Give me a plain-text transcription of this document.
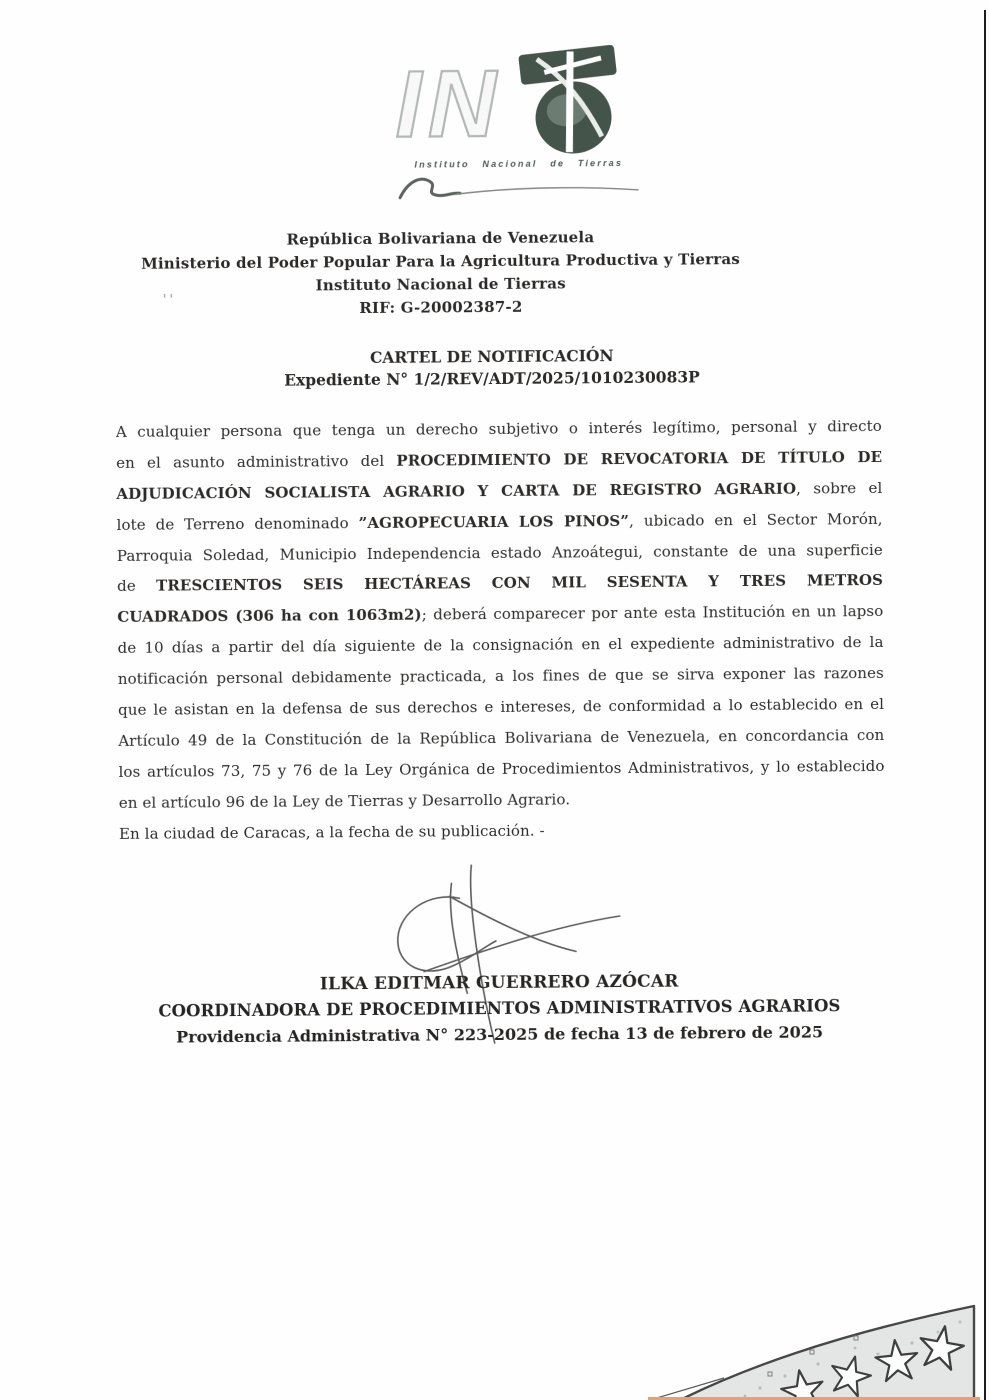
IN
Instituto Nacional de Tierras
República Bolivariana de Venezuela
Ministerio del Poder Popular Para la Agricultura Productiva y Tierras
Instituto Nacional de Tierras
RIF: G-20002387-2
''
CARTEL DE NOTIFICACIÓN
Expediente N° 1/2/REV/ADT/2025/1010230083P
A cualquier persona que tenga un derecho subjetivo o interés legítimo, personal y directo
en el asunto administrativo del PROCEDIMIENTO DE REVOCATORIA DE TÍTULO DE
ADJUDICACIÓN SOCIALISTA AGRARIO Y CARTA DE REGISTRO AGRARIO, sobre el
lote de Terreno denominado ”AGROPECUARIA LOS PINOS”, ubicado en el Sector Morón,
Parroquia Soledad, Municipio Independencia estado Anzoátegui, constante de una superficie
de TRESCIENTOS SEIS HECTÁREAS CON MIL SESENTA Y TRES METROS
CUADRADOS (306 ha con 1063m2); deberá comparecer por ante esta Institución en un lapso
de 10 días a partir del día siguiente de la consignación en el expediente administrativo de la
notificación personal debidamente practicada, a los fines de que se sirva exponer las razones
que le asistan en la defensa de sus derechos e intereses, de conformidad a lo establecido en el
Artículo 49 de la Constitución de la República Bolivariana de Venezuela, en concordancia con
los artículos 73, 75 y 76 de la Ley Orgánica de Procedimientos Administrativos, y lo establecido
en el artículo 96 de la Ley de Tierras y Desarrollo Agrario.
En la ciudad de Caracas, a la fecha de su publicación. -
ILKA EDITMAR GUERRERO AZÓCAR
COORDINADORA DE PROCEDIMIENTOS ADMINISTRATIVOS AGRARIOS
Providencia Administrativa N° 223-2025 de fecha 13 de febrero de 2025
